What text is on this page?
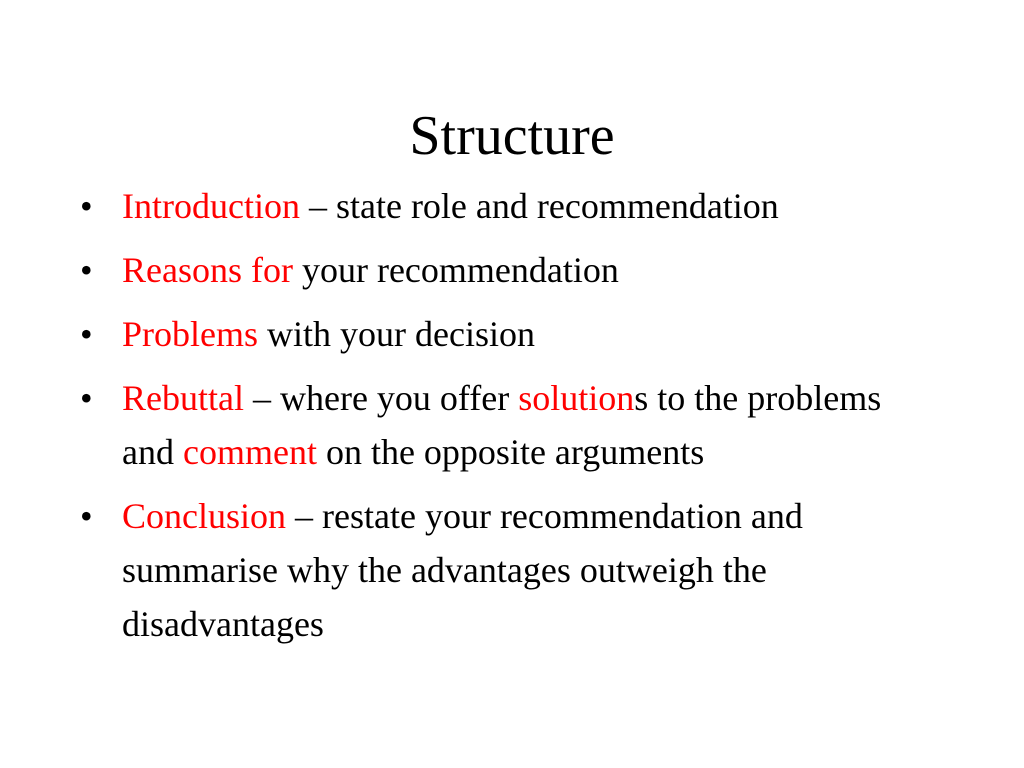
Structure
• Introduction – state role and recommendation
• Reasons for your recommendation
• Problems with your decision
• Rebuttal – where you offer solutions to the problems and comment on the opposite arguments
• Conclusion – restate your recommendation and summarise why the advantages outweigh the disadvantages
